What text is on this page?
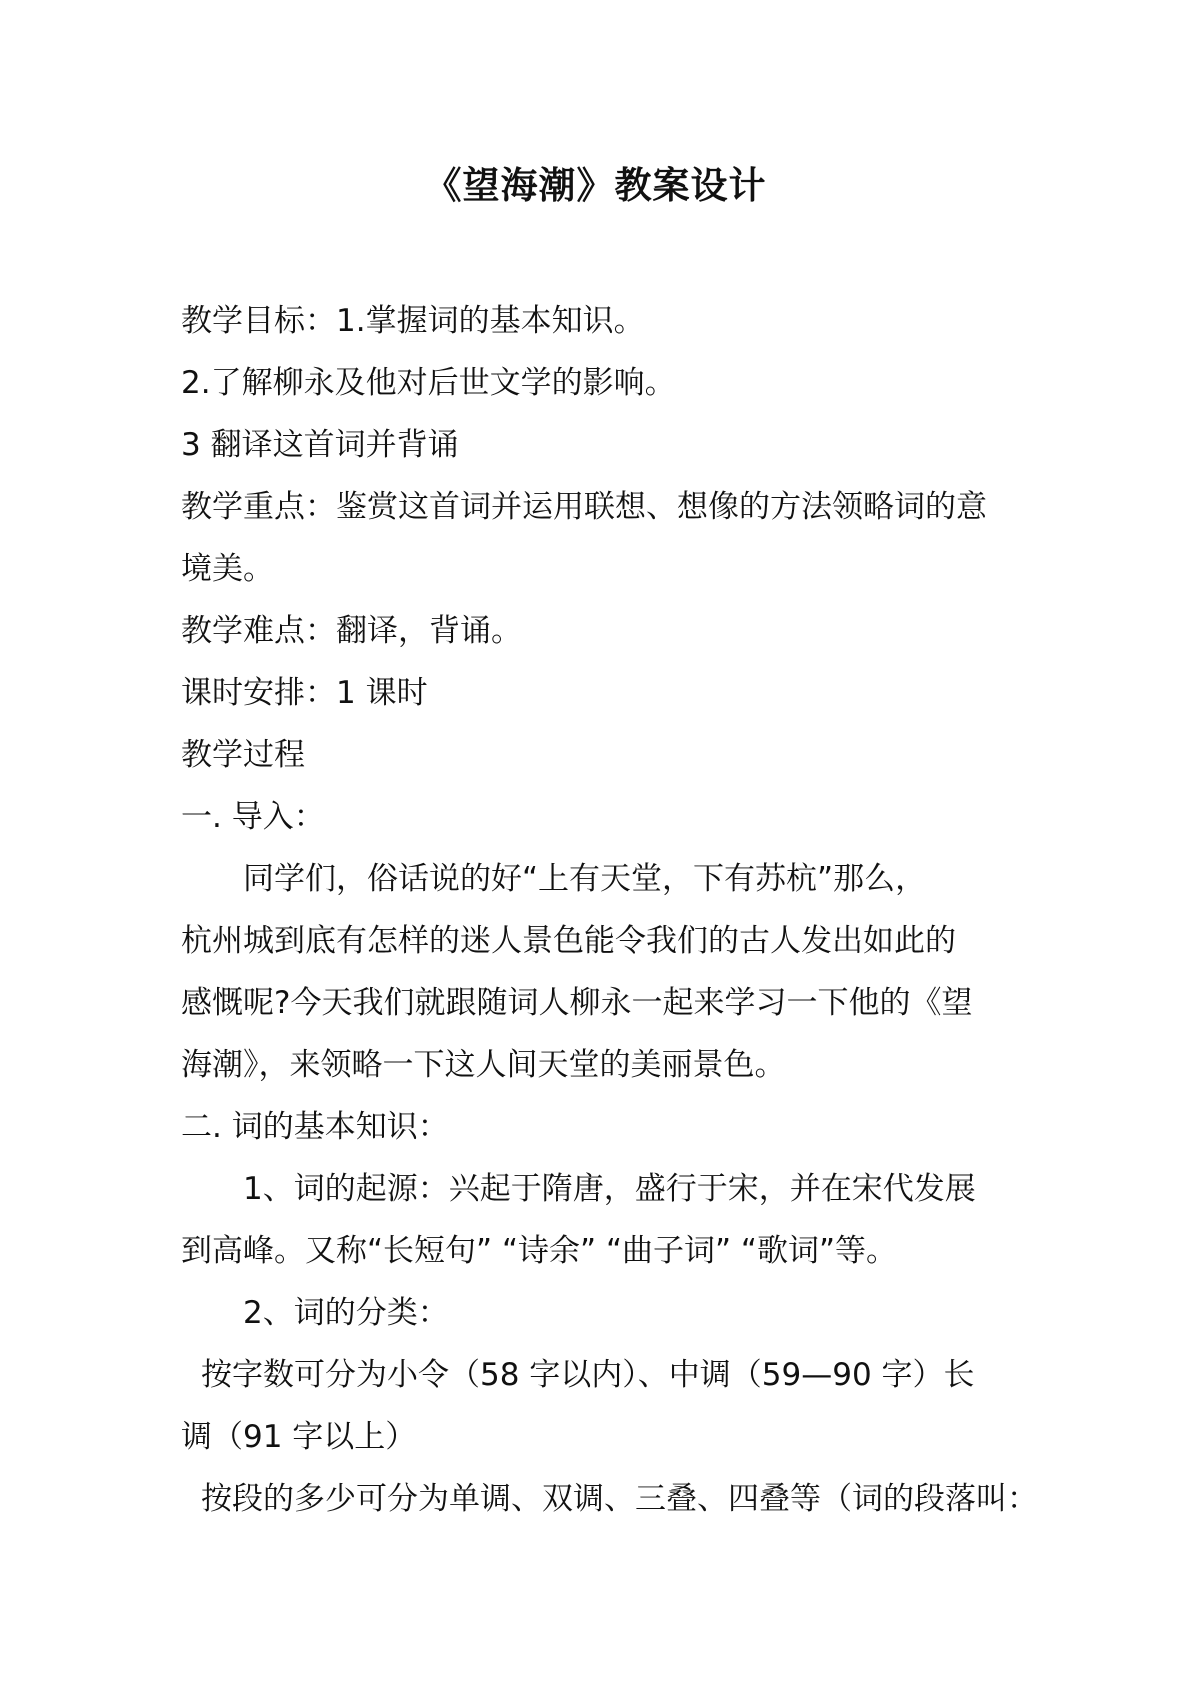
《望海潮》教案设计
教学目标：1.掌握词的基本知识。
2.了解柳永及他对后世文学的影响。
3 翻译这首词并背诵
教学重点：鉴赏这首词并运用联想、想像的方法领略词的意
境美。
教学难点：翻译，背诵。
课时安排：1 课时
教学过程
一. 导入：
同学们，俗话说的好“上有天堂，下有苏杭”那么，
杭州城到底有怎样的迷人景色能令我们的古人发出如此的
感慨呢?今天我们就跟随词人柳永一起来学习一下他的《望
海潮》，来领略一下这人间天堂的美丽景色。
二. 词的基本知识：
1、词的起源：兴起于隋唐，盛行于宋，并在宋代发展
到高峰。又称“长短句” “诗余” “曲子词” “歌词”等。
2、词的分类：
按字数可分为小令（58 字以内）、中调（59—90 字）长
调（91 字以上）
按段的多少可分为单调、双调、三叠、四叠等（词的段落叫：
